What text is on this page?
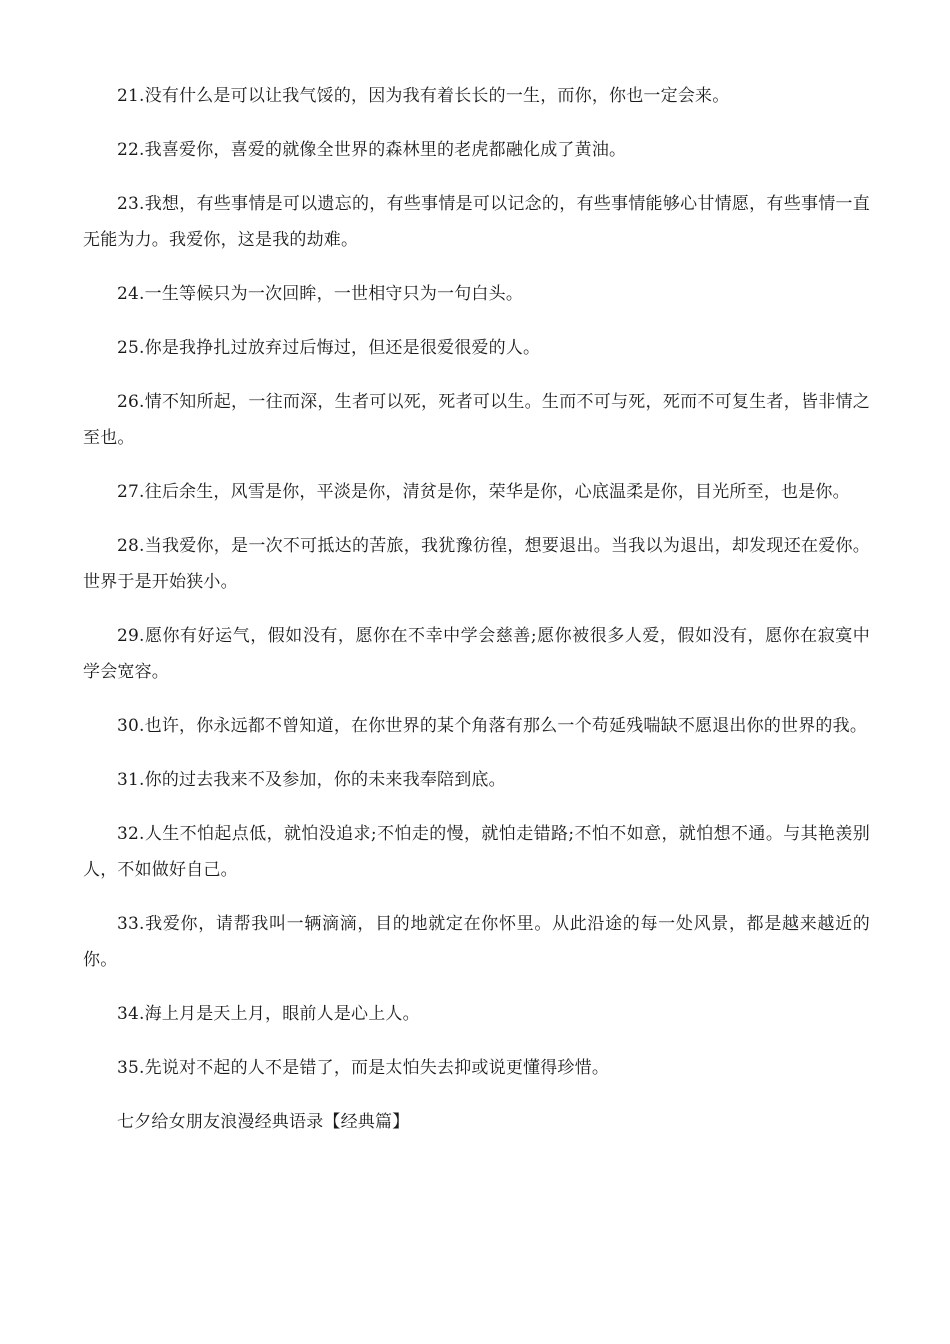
21.没有什么是可以让我气馁的，因为我有着长长的一生，而你，你也一定会来。

22.我喜爱你，喜爱的就像全世界的森林里的老虎都融化成了黄油。

23.我想，有些事情是可以遗忘的，有些事情是可以记念的，有些事情能够心甘情愿，有些事情一直无能为力。我爱你，这是我的劫难。

24.一生等候只为一次回眸，一世相守只为一句白头。

25.你是我挣扎过放弃过后悔过，但还是很爱很爱的人。

26.情不知所起，一往而深，生者可以死，死者可以生。生而不可与死，死而不可复生者，皆非情之至也。

27.往后余生，风雪是你，平淡是你，清贫是你，荣华是你，心底温柔是你，目光所至，也是你。

28.当我爱你，是一次不可抵达的苦旅，我犹豫彷徨，想要退出。当我以为退出，却发现还在爱你。世界于是开始狭小。

29.愿你有好运气，假如没有，愿你在不幸中学会慈善;愿你被很多人爱，假如没有，愿你在寂寞中学会宽容。

30.也许，你永远都不曾知道，在你世界的某个角落有那么一个苟延残喘缺不愿退出你的世界的我。

31.你的过去我来不及参加，你的未来我奉陪到底。

32.人生不怕起点低，就怕没追求;不怕走的慢，就怕走错路;不怕不如意，就怕想不通。与其艳羡别人，不如做好自己。

33.我爱你，请帮我叫一辆滴滴，目的地就定在你怀里。从此沿途的每一处风景，都是越来越近的你。

34.海上月是天上月，眼前人是心上人。

35.先说对不起的人不是错了，而是太怕失去抑或说更懂得珍惜。

七夕给女朋友浪漫经典语录【经典篇】
